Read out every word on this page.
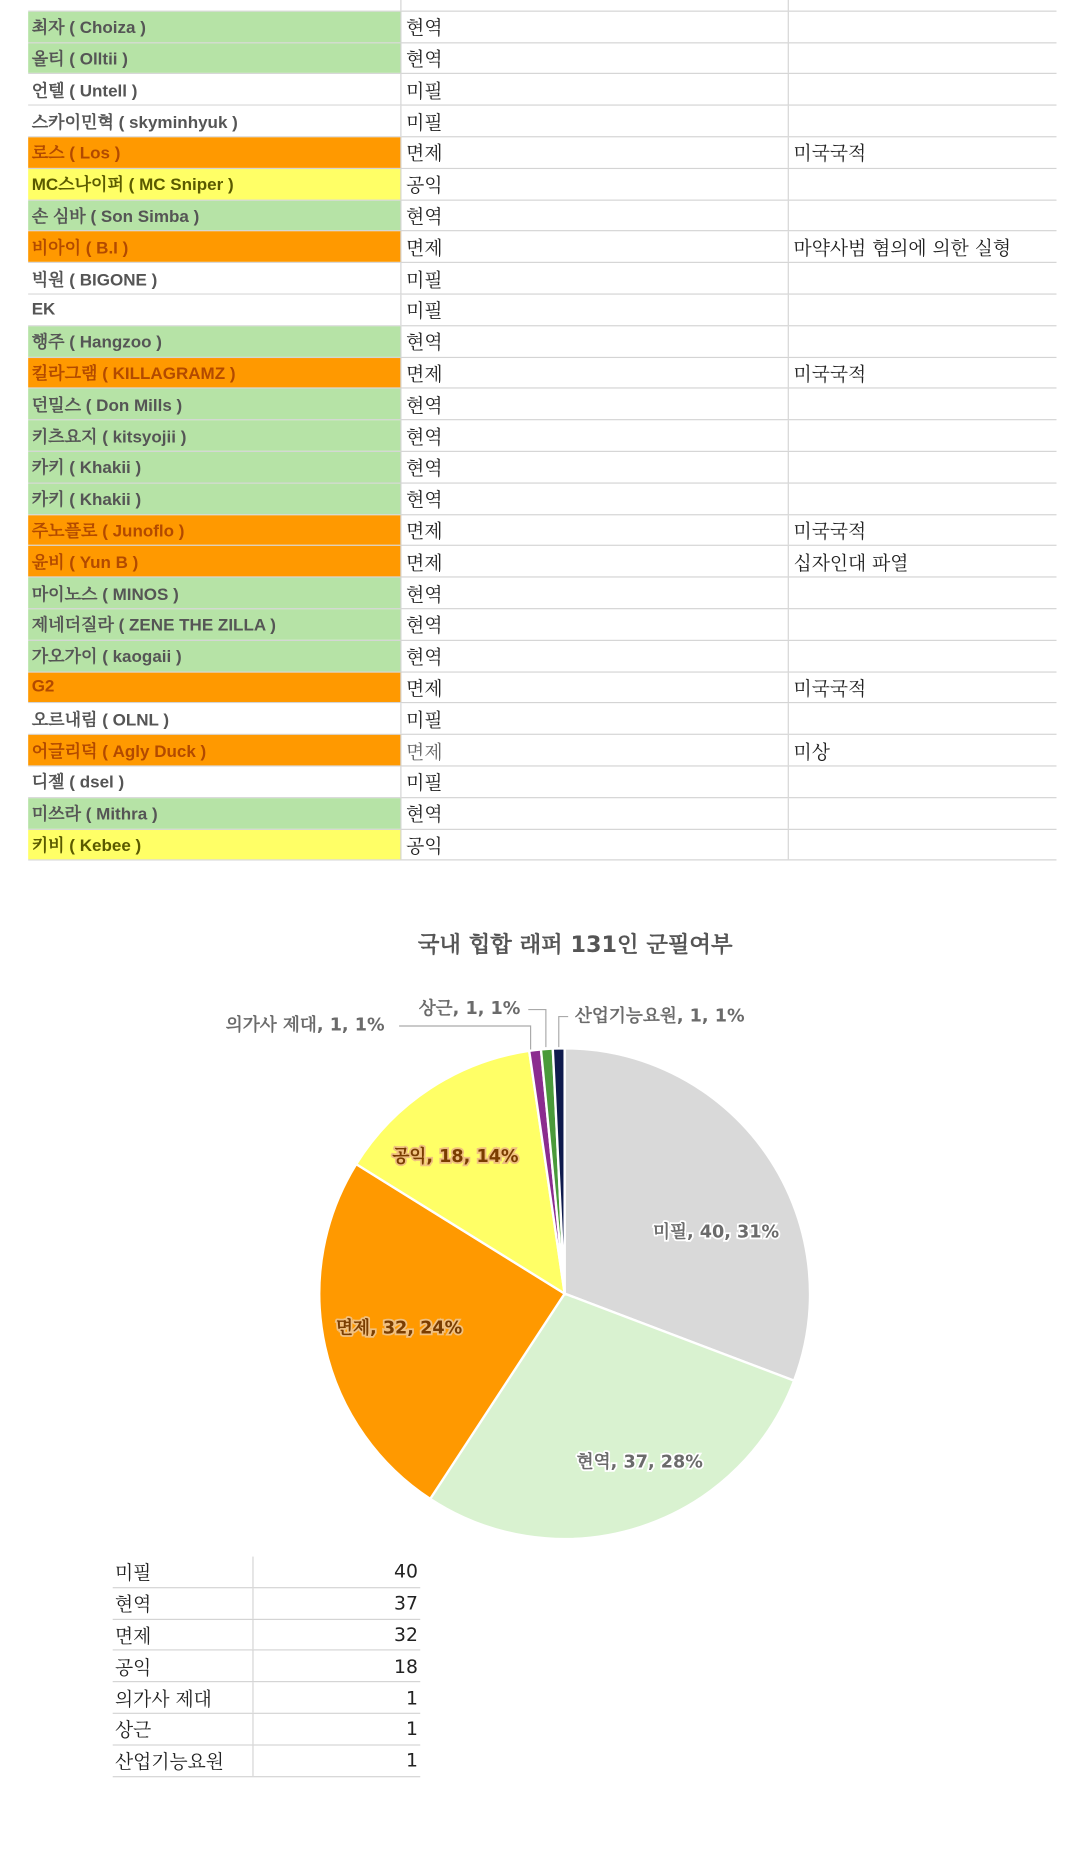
최자 ( Choiza )	현역
올티 ( Olltii )	현역
언텔 ( Untell )	미필
스카이민혁 ( skyminhyuk )	미필
로스 ( Los )	면제	미국국적
MC스나이퍼 ( MC Sniper )	공익
손 심바 ( Son Simba )	현역
비아이 ( B.I )	면제	마약사범 혐의에 의한 실형
빅원 ( BIGONE )	미필
EK	미필
행주 ( Hangzoo )	현역
킬라그램 ( KILLAGRAMZ )	면제	미국국적
던밀스 ( Don Mills )	현역
키츠요지 ( kitsyojii )	현역
카키 ( Khakii )	현역
카키 ( Khakii )	현역
주노플로 ( Junoflo )	면제	미국국적
윤비 ( Yun B )	면제	십자인대 파열
마이노스 ( MINOS )	현역
제네더질라 ( ZENE THE ZILLA )	현역
가오가이 ( kaogaii )	현역
G2	면제	미국국적
오르내림 ( OLNL )	미필
어글리덕 ( Agly Duck )	면제	미상
디젤 ( dsel )	미필
미쓰라 ( Mithra )	현역
키비 ( Kebee )	공익
국내 힙합 래퍼 131인 군필여부
미필, 40, 31%
현역, 37, 28%
면제, 32, 24%
공익, 18, 14%
의가사 제대, 1, 1%
상근, 1, 1%	산업기능요원, 1, 1%
미필	40
현역	37
면제	32
공익	18
의가사 제대	1
상근	1
산업기능요원	1
